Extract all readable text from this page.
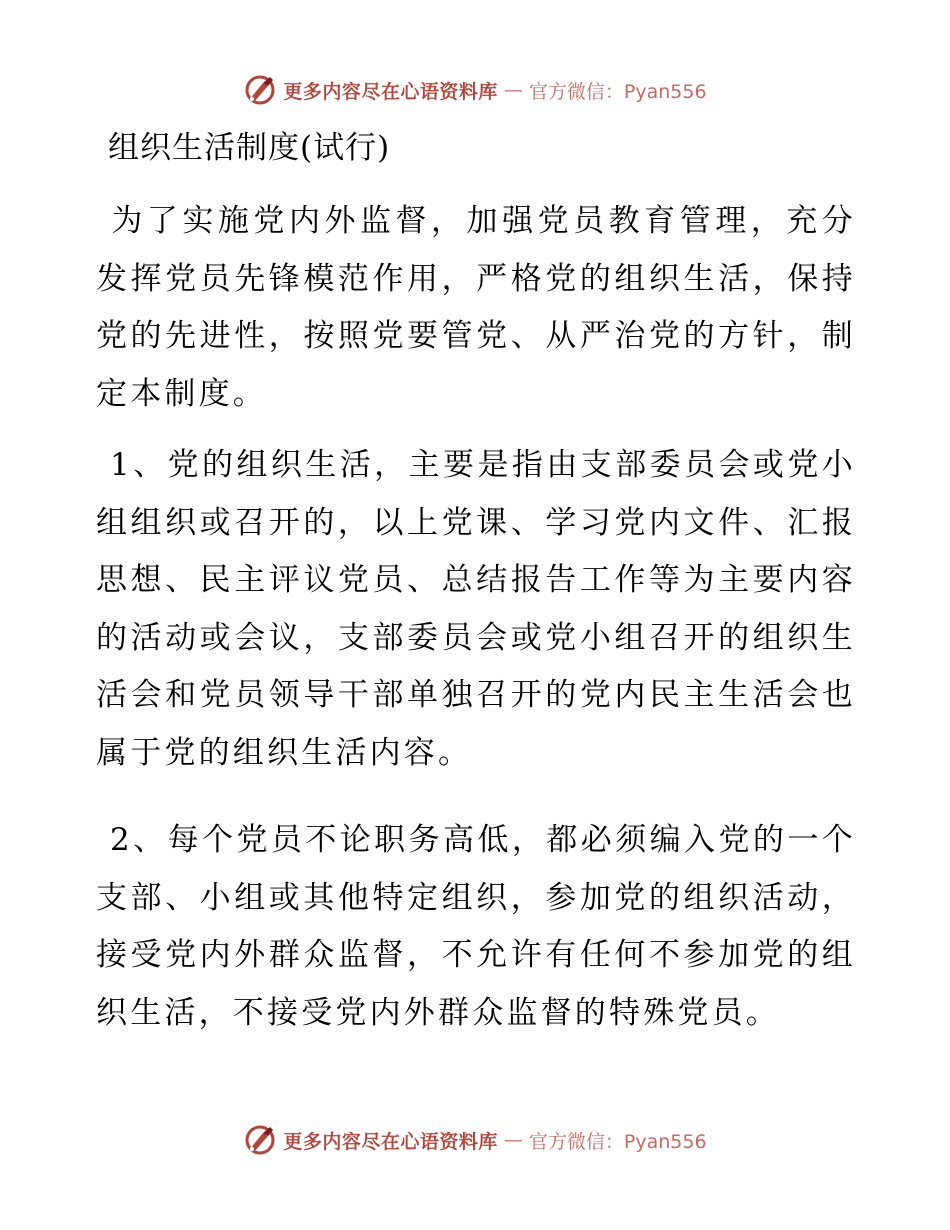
更多内容尽在心语资料库 — 官方微信：Pyan556
组织生活制度(试行)
为了实施党内外监督，加强党员教育管理，充分发挥党员先锋模范作用，严格党的组织生活，保持党的先进性，按照党要管党、从严治党的方针，制定本制度。
1、党的组织生活，主要是指由支部委员会或党小组组织或召开的，以上党课、学习党内文件、汇报思想、民主评议党员、总结报告工作等为主要内容的活动或会议，支部委员会或党小组召开的组织生活会和党员领导干部单独召开的党内民主生活会也属于党的组织生活内容。
2、每个党员不论职务高低，都必须编入党的一个支部、小组或其他特定组织，参加党的组织活动，接受党内外群众监督，不允许有任何不参加党的组织生活，不接受党内外群众监督的特殊党员。
更多内容尽在心语资料库 — 官方微信：Pyan556
